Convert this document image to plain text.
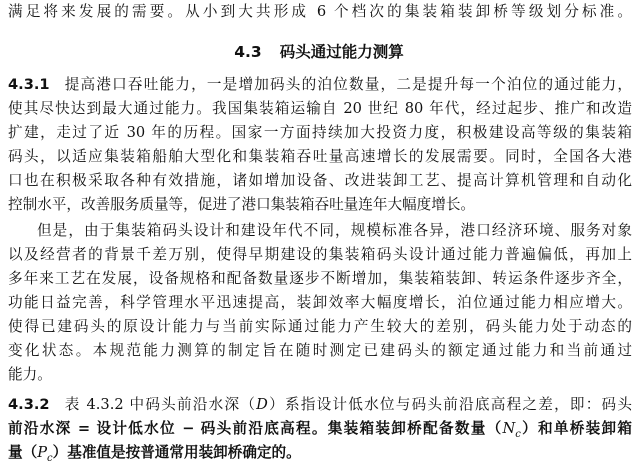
满足将来发展的需要。从小到大共形成 6 个档次的集装箱装卸桥等级划分标准。
4.3 码头通过能力测算
4.3.1 提高港口吞吐能力，一是增加码头的泊位数量，二是提升每一个泊位的通过能力，
使其尽快达到最大通过能力。我国集装箱运输自 20 世纪 80 年代，经过起步、推广和改造
扩建，走过了近 30 年的历程。国家一方面持续加大投资力度，积极建设高等级的集装箱
码头，以适应集装箱船舶大型化和集装箱吞吐量高速增长的发展需要。同时，全国各大港
口也在积极采取各种有效措施，诸如增加设备、改进装卸工艺、提高计算机管理和自动化
控制水平，改善服务质量等，促进了港口集装箱吞吐量连年大幅度增长。
但是，由于集装箱码头设计和建设年代不同，规模标准各异，港口经济环境、服务对象
以及经营者的背景千差万别，使得早期建设的集装箱码头设计通过能力普遍偏低，再加上
多年来工艺在发展，设备规格和配备数量逐步不断增加，集装箱装卸、转运条件逐步齐全，
功能日益完善，科学管理水平迅速提高，装卸效率大幅度增长，泊位通过能力相应增大。
使得已建码头的原设计能力与当前实际通过能力产生较大的差别，码头能力处于动态的
变化状态。本规范能力测算的制定旨在随时测定已建码头的额定通过能力和当前通过
能力。
4.3.2 表 4.3.2 中码头前沿水深（D）系指设计低水位与码头前沿底高程之差，即：码头
前沿水深 = 设计低水位 − 码头前沿底高程。集装箱装卸桥配备数量$(N_c)$和单桥装卸箱
量$(P_c)$基准值是按普通常用装卸桥确定的。
